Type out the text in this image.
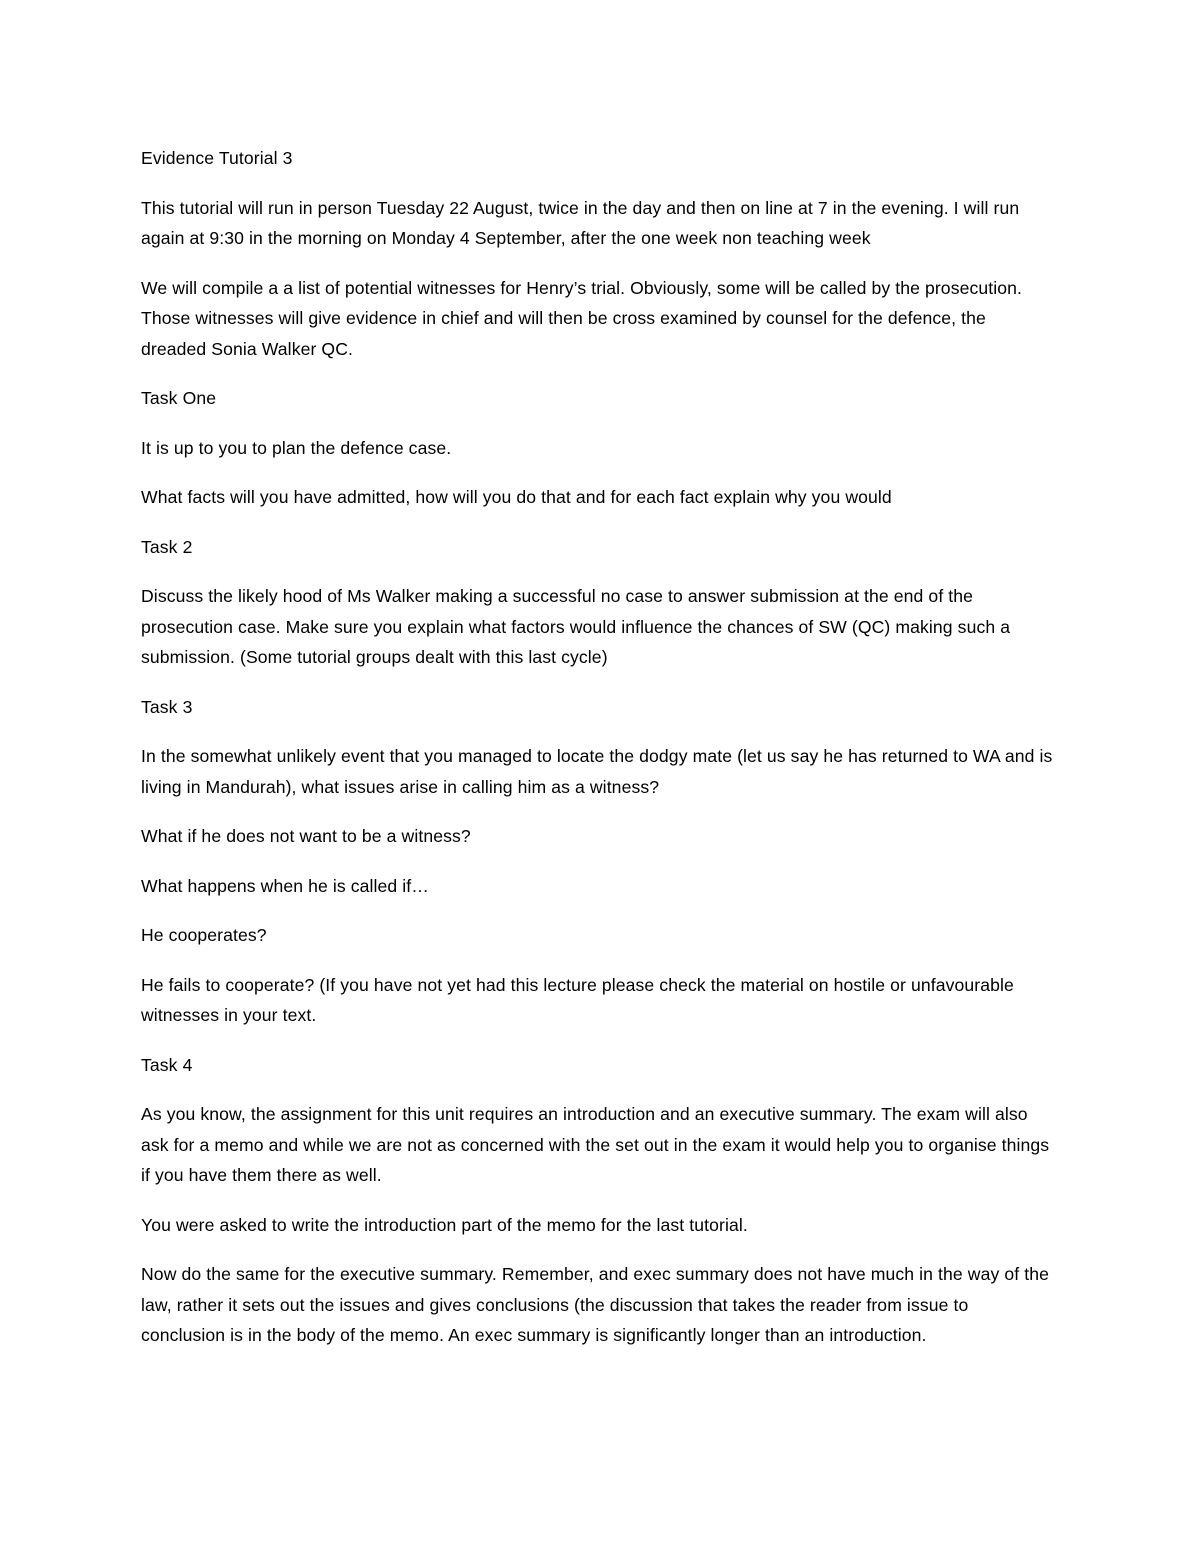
Evidence Tutorial 3

This tutorial will run in person Tuesday 22 August, twice in the day and then on line at 7 in the evening. I will run again at 9:30 in the morning on Monday 4 September, after the one week non teaching week

We will compile a a list of potential witnesses for Henry’s trial. Obviously, some will be called by the prosecution. Those witnesses will give evidence in chief and will then be cross examined by counsel for the defence, the dreaded Sonia Walker QC.

Task One

It is up to you to plan the defence case.

What facts will you have admitted, how will you do that and for each fact explain why you would

Task 2

Discuss the likely hood of Ms Walker making a successful no case to answer submission at the end of the prosecution case. Make sure you explain what factors would influence the chances of SW (QC) making such a submission. (Some tutorial groups dealt with this last cycle)

Task 3

In the somewhat unlikely event that you managed to locate the dodgy mate (let us say he has returned to WA and is living in Mandurah), what issues arise in calling him as a witness?

What if he does not want to be a witness?

What happens when he is called if…

He cooperates?

He fails to cooperate? (If you have not yet had this lecture please check the material on hostile or unfavourable witnesses in your text.

Task 4

As you know, the assignment for this unit requires an introduction and an executive summary. The exam will also ask for a memo and while we are not as concerned with the set out in the exam it would help you to organise things if you have them there as well.

You were asked to write the introduction part of the memo for the last tutorial.

Now do the same for the executive summary. Remember, and exec summary does not have much in the way of the law, rather it sets out the issues and gives conclusions (the discussion that takes the reader from issue to conclusion is in the body of the memo. An exec summary is significantly longer than an introduction.
